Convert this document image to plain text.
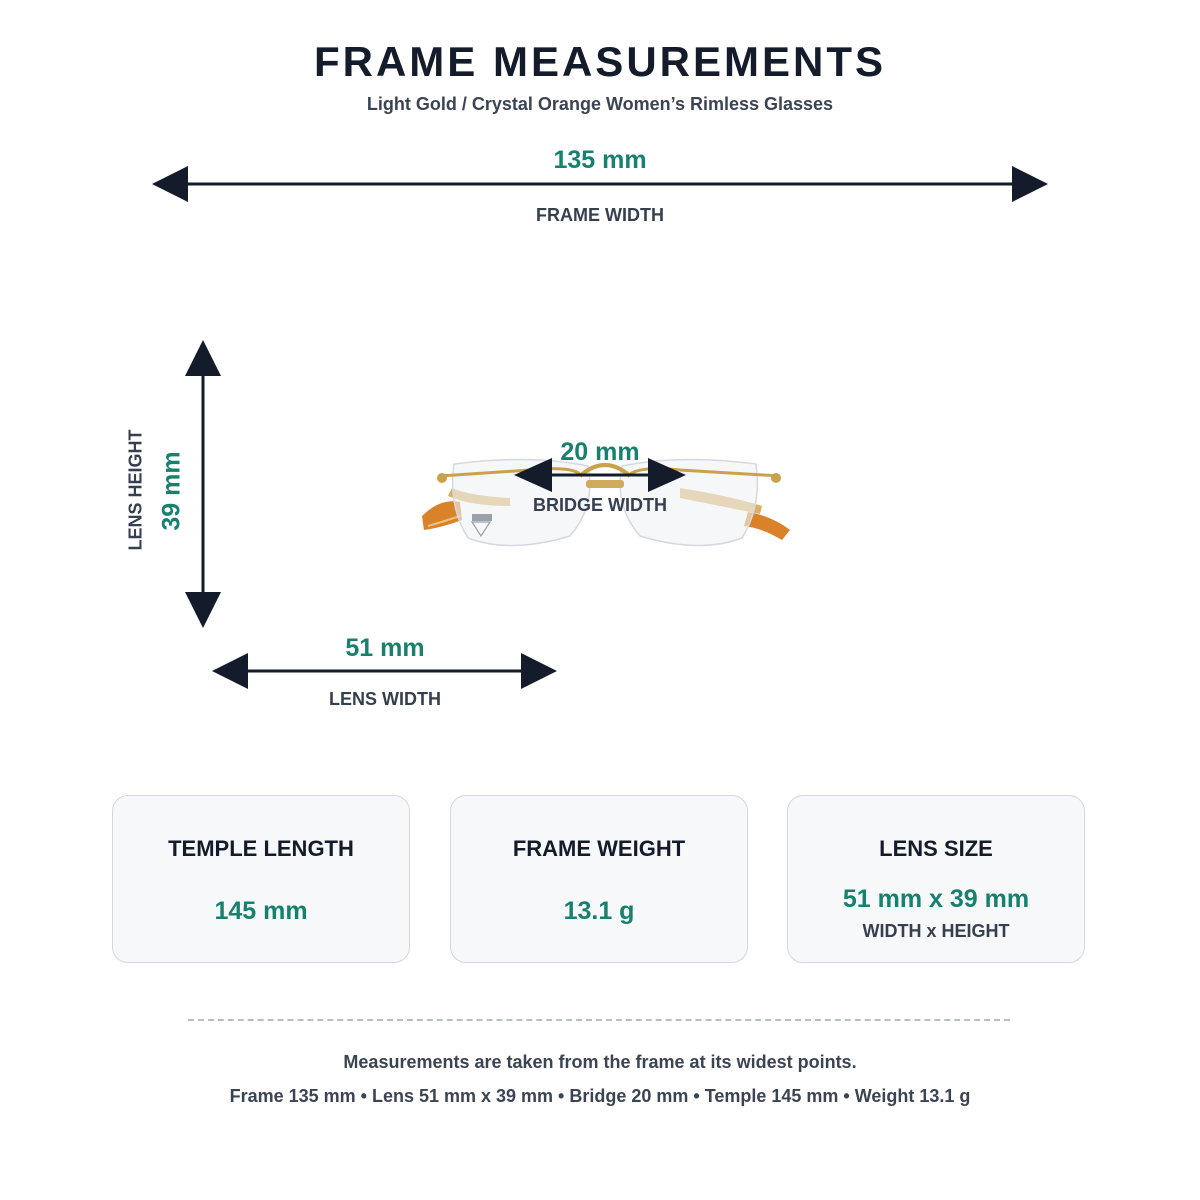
FRAME MEASUREMENTS
Light Gold / Crystal Orange Women’s Rimless Glasses
135 mm
FRAME WIDTH
LENS HEIGHT 39 mm	20 mm
BRIDGE WIDTH
51 mm
LENS WIDTH
TEMPLE LENGTH
145 mm
FRAME WEIGHT
13.1 g
LENS SIZE
51 mm x 39 mm
WIDTH x HEIGHT
Measurements are taken from the frame at its widest points.
Frame 135 mm • Lens 51 mm x 39 mm • Bridge 20 mm • Temple 145 mm • Weight 13.1 g
